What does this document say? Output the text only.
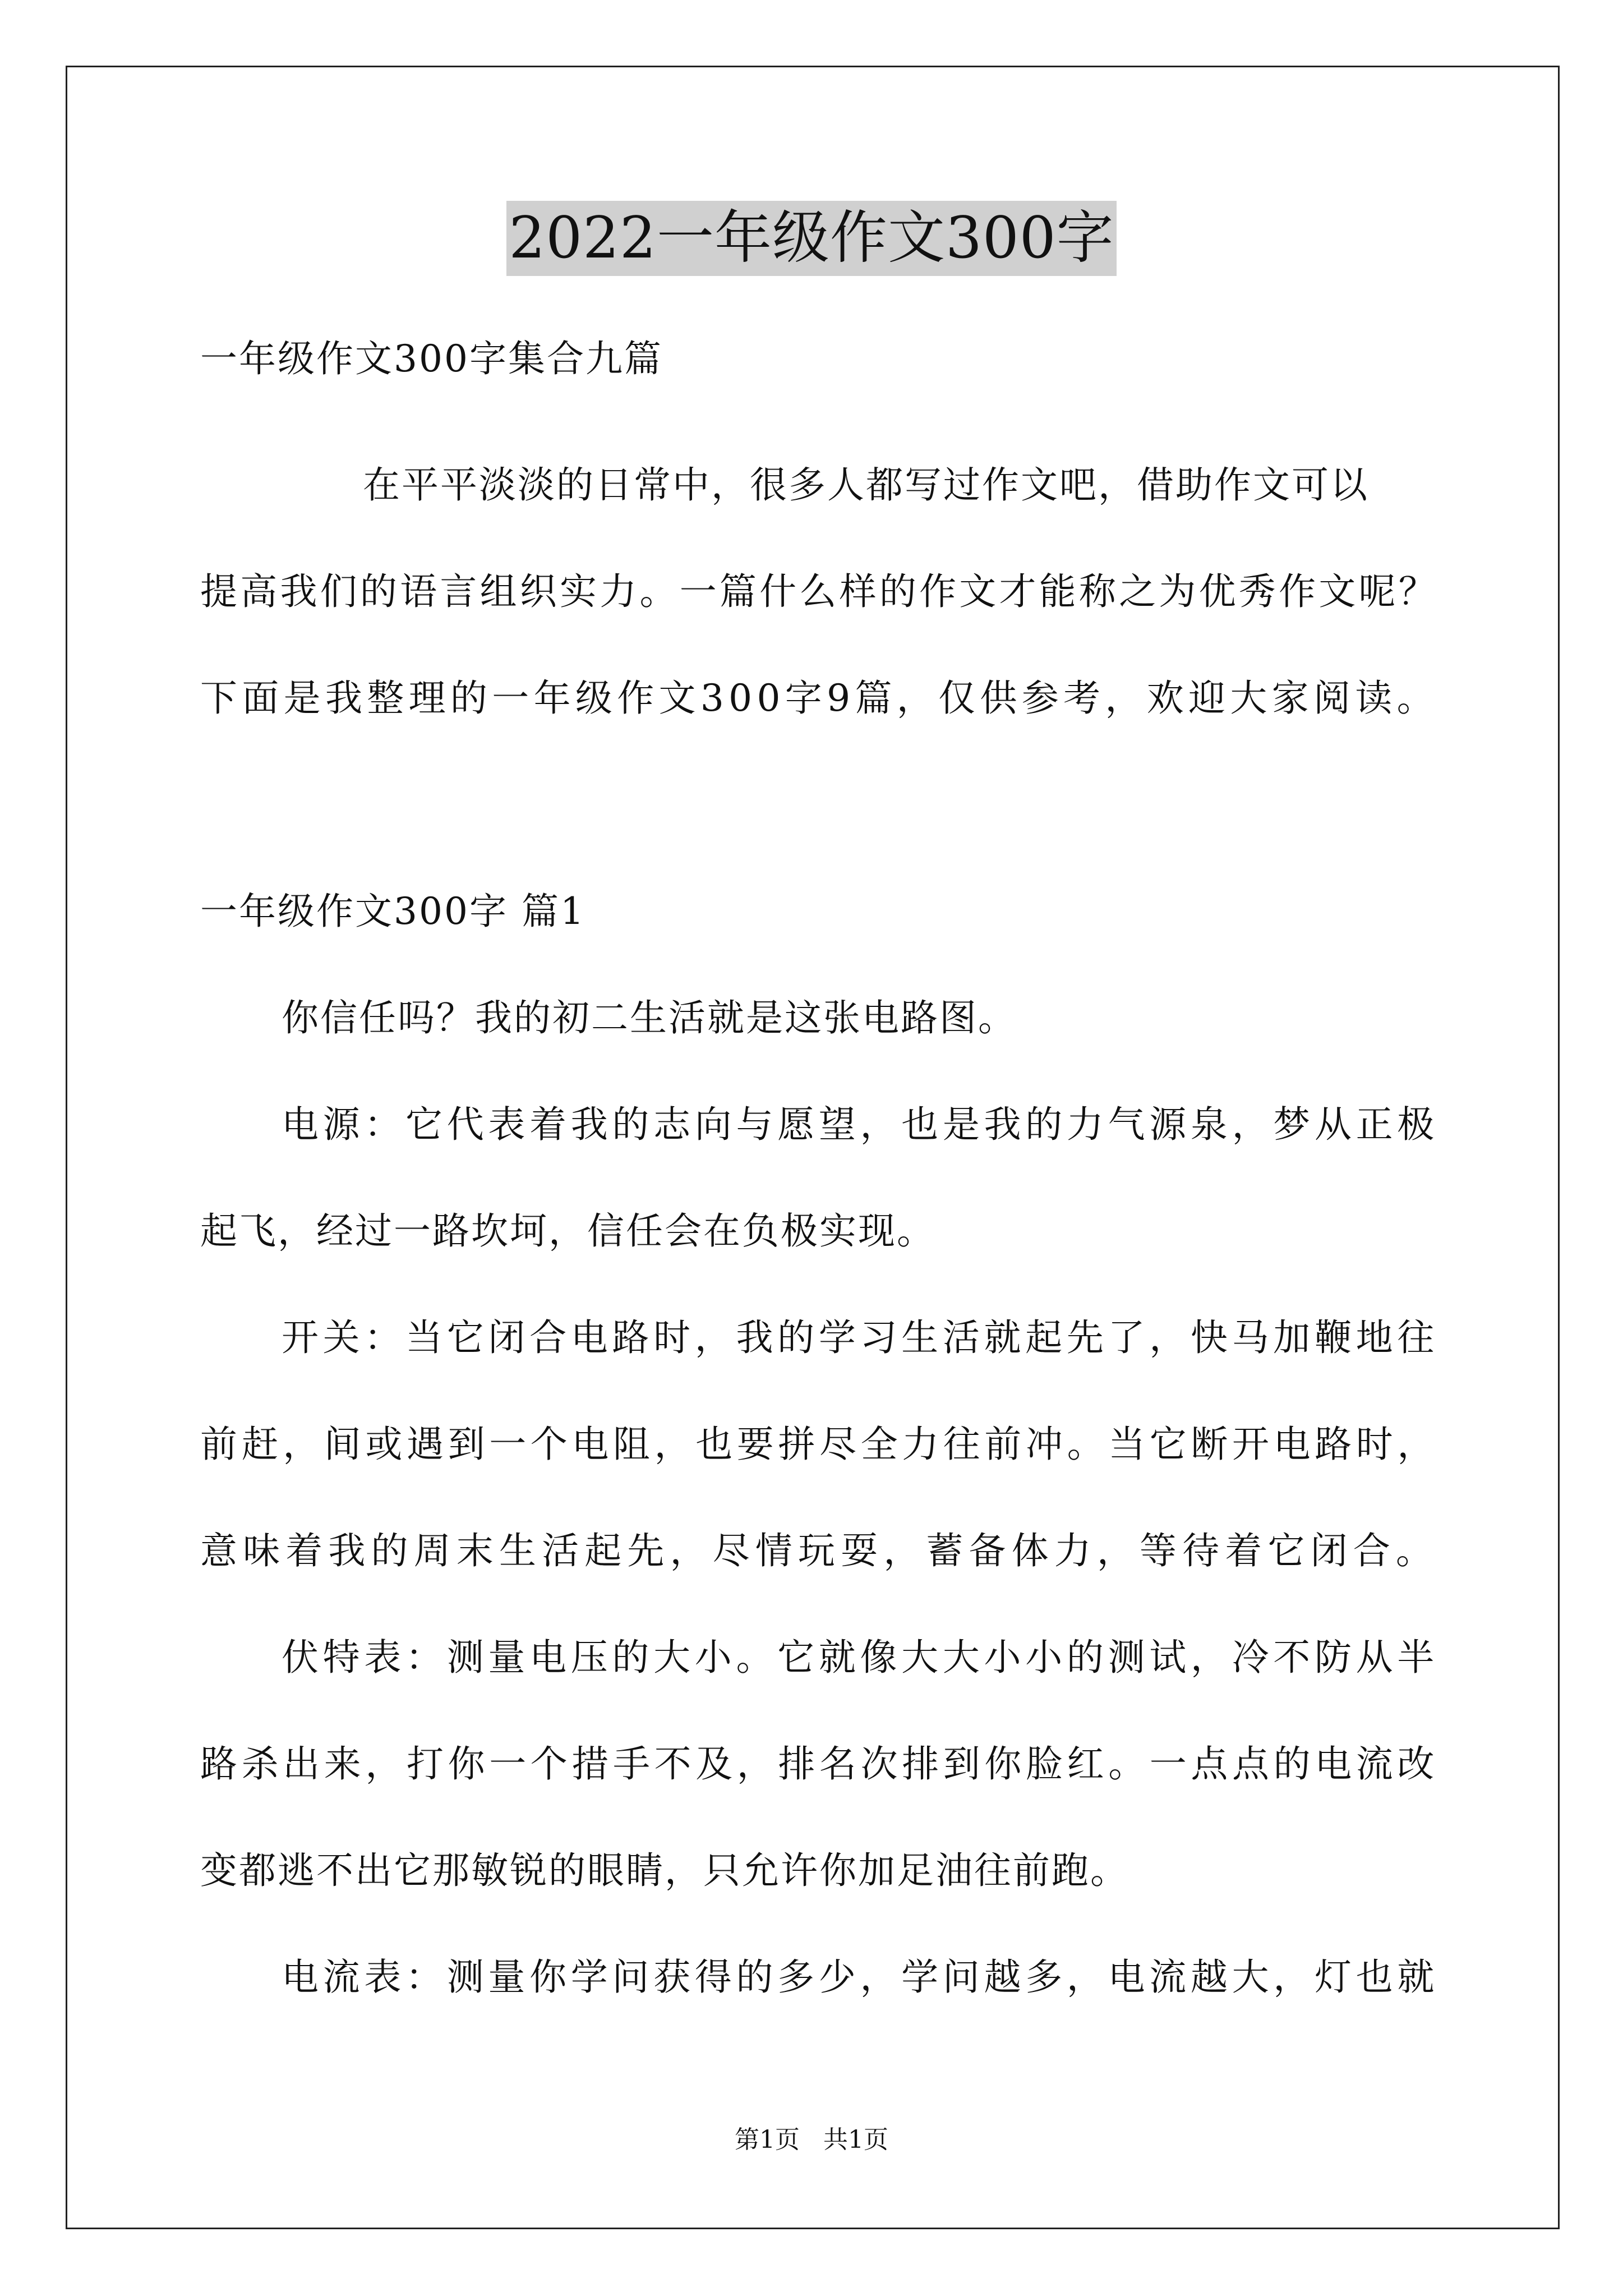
2022一年级作文300字
一年级作文300字集合九篇
在平平淡淡的日常中，很多人都写过作文吧，借助作文可以
提高我们的语言组织实力。一篇什么样的作文才能称之为优秀作文呢？
下面是我整理的一年级作文300字9篇，仅供参考，欢迎大家阅读。
一年级作文300字 篇1
你信任吗？我的初二生活就是这张电路图。
电源：它代表着我的志向与愿望，也是我的力气源泉，梦从正极
起飞，经过一路坎坷，信任会在负极实现。
开关：当它闭合电路时，我的学习生活就起先了，快马加鞭地往
前赶，间或遇到一个电阻，也要拼尽全力往前冲。当它断开电路时，
意味着我的周末生活起先，尽情玩耍，蓄备体力，等待着它闭合。
伏特表：测量电压的大小。它就像大大小小的测试，冷不防从半
路杀出来，打你一个措手不及，排名次排到你脸红。一点点的电流改
变都逃不出它那敏锐的眼睛，只允许你加足油往前跑。
电流表：测量你学问获得的多少，学问越多，电流越大，灯也就
第1页   共1页
